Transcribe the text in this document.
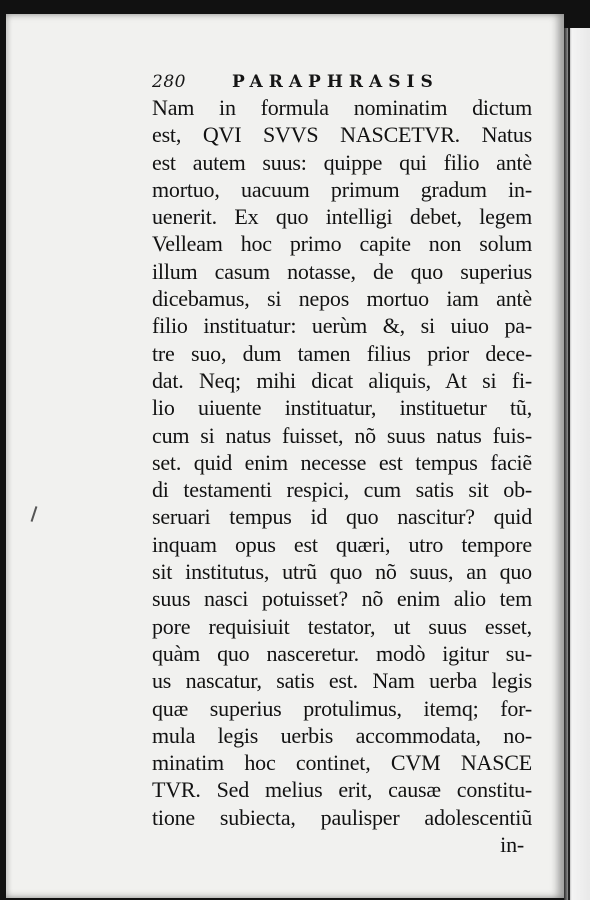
280	PARAPHRASIS
Nam in formula nominatim dictum
est, QVI SVVS NASCETVR. Natus
est autem suus: quippe qui filio antè
mortuo, uacuum primum gradum in-
uenerit. Ex quo intelligi debet, legem
Velleam hoc primo capite non solum
illum casum notasse, de quo superius
dicebamus, si nepos mortuo iam antè
filio instituatur: uerùm &, si uiuo pa-
tre suo, dum tamen filius prior dece-
dat. Neq; mihi dicat aliquis, At si fi-
lio uiuente instituatur, instituetur tũ,
cum si natus fuisset, nõ suus natus fuis-
set. quid enim necesse est tempus faciẽ
di testamenti respici, cum satis sit ob-
seruari tempus id quo nascitur? quid
inquam opus est quæri, utro tempore
sit institutus, utrũ quo nõ suus, an quo
suus nasci potuisset? nõ enim alio tem
pore requisiuit testator, ut suus esset,
quàm quo nasceretur. modò igitur su-
us nascatur, satis est. Nam uerba legis
quæ superius protulimus, itemq; for-
mula legis uerbis accommodata, no-
minatim hoc continet, CVM NASCE
TVR. Sed melius erit, causæ constitu-
tione subiecta, paulisper adolescentiũ
in-
